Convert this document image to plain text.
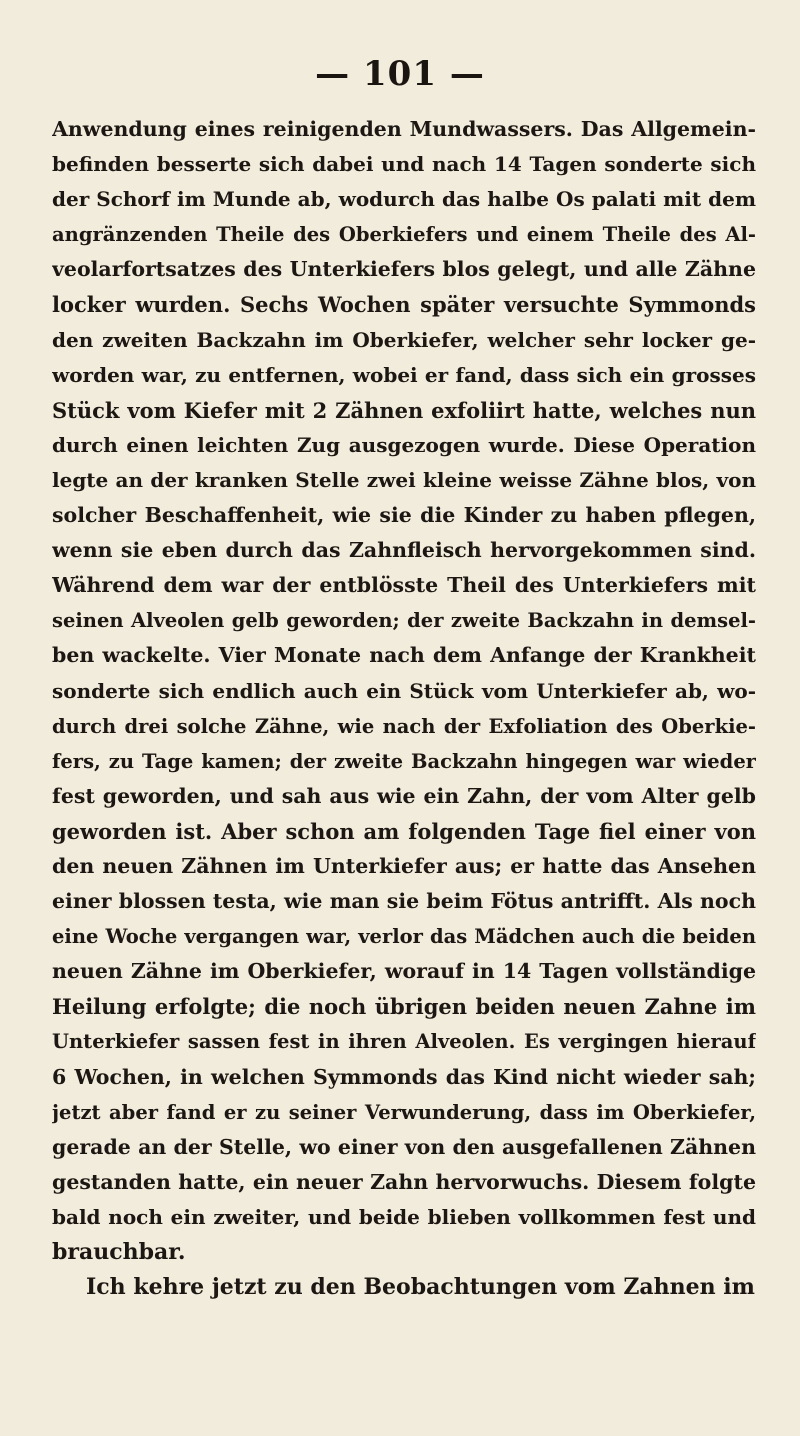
— 101 —
Anwendung eines reinigenden Mundwassers. Das Allgemein-
befinden besserte sich dabei und nach 14 Tagen sonderte sich
der Schorf im Munde ab, wodurch das halbe Os palati mit dem
angränzenden Theile des Oberkiefers und einem Theile des Al-
veolarfortsatzes des Unterkiefers blos gelegt, und alle Zähne
locker wurden. Sechs Wochen später versuchte Symmonds
den zweiten Backzahn im Oberkiefer, welcher sehr locker ge-
worden war, zu entfernen, wobei er fand, dass sich ein grosses
Stück vom Kiefer mit 2 Zähnen exfoliirt hatte, welches nun
durch einen leichten Zug ausgezogen wurde. Diese Operation
legte an der kranken Stelle zwei kleine weisse Zähne blos, von
solcher Beschaffenheit, wie sie die Kinder zu haben pflegen,
wenn sie eben durch das Zahnfleisch hervorgekommen sind.
Während dem war der entblösste Theil des Unterkiefers mit
seinen Alveolen gelb geworden; der zweite Backzahn in demsel-
ben wackelte. Vier Monate nach dem Anfange der Krankheit
sonderte sich endlich auch ein Stück vom Unterkiefer ab, wo-
durch drei solche Zähne, wie nach der Exfoliation des Oberkie-
fers, zu Tage kamen; der zweite Backzahn hingegen war wieder
fest geworden, und sah aus wie ein Zahn, der vom Alter gelb
geworden ist. Aber schon am folgenden Tage fiel einer von
den neuen Zähnen im Unterkiefer aus; er hatte das Ansehen
einer blossen testa, wie man sie beim Fötus antrifft. Als noch
eine Woche vergangen war, verlor das Mädchen auch die beiden
neuen Zähne im Oberkiefer, worauf in 14 Tagen vollständige
Heilung erfolgte; die noch übrigen beiden neuen Zahne im
Unterkiefer sassen fest in ihren Alveolen. Es vergingen hierauf
6 Wochen, in welchen Symmonds das Kind nicht wieder sah;
jetzt aber fand er zu seiner Verwunderung, dass im Oberkiefer,
gerade an der Stelle, wo einer von den ausgefallenen Zähnen
gestanden hatte, ein neuer Zahn hervorwuchs. Diesem folgte
bald noch ein zweiter, und beide blieben vollkommen fest und
brauchbar.
Ich kehre jetzt zu den Beobachtungen vom Zahnen im
